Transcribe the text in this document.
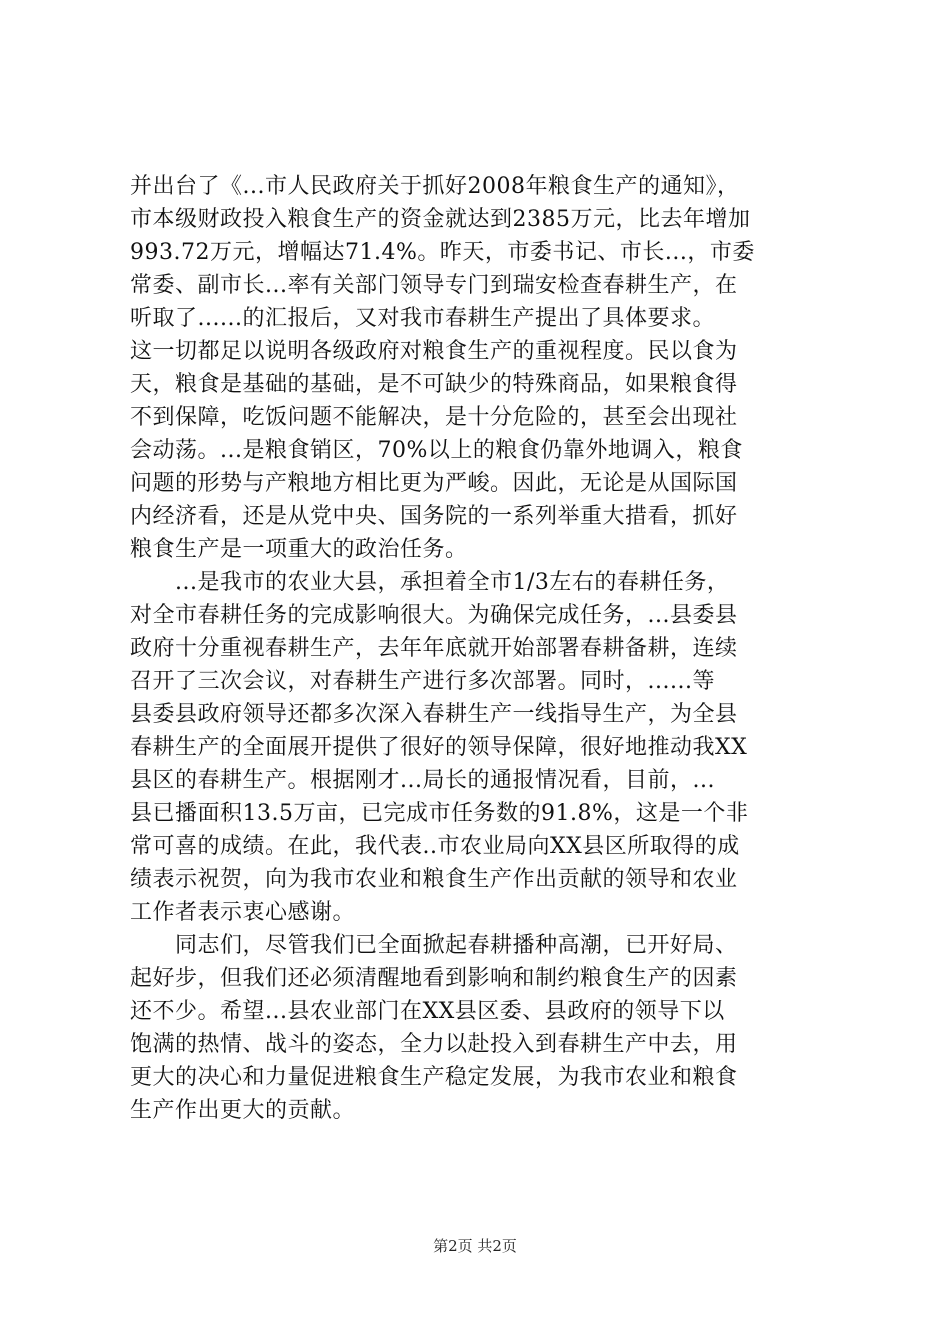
并出台了《...市人民政府关于抓好2008年粮食生产的通知》，
市本级财政投入粮食生产的资金就达到2385万元，比去年增加
993.72万元，增幅达71.4%。昨天，市委书记、市长...，市委
常委、副市长...率有关部门领导专门到瑞安检查春耕生产，在
听取了......的汇报后，又对我市春耕生产提出了具体要求。
这一切都足以说明各级政府对粮食生产的重视程度。民以食为
天，粮食是基础的基础，是不可缺少的特殊商品，如果粮食得
不到保障，吃饭问题不能解决，是十分危险的，甚至会出现社
会动荡。...是粮食销区，70%以上的粮食仍靠外地调入，粮食
问题的形势与产粮地方相比更为严峻。因此，无论是从国际国
内经济看，还是从党中央、国务院的一系列举重大措看，抓好
粮食生产是一项重大的政治任务。
　　...是我市的农业大县，承担着全市1/3左右的春耕任务，
对全市春耕任务的完成影响很大。为确保完成任务，...县委县
政府十分重视春耕生产，去年年底就开始部署春耕备耕，连续
召开了三次会议，对春耕生产进行多次部署。同时，......等
县委县政府领导还都多次深入春耕生产一线指导生产，为全县
春耕生产的全面展开提供了很好的领导保障，很好地推动我XX
县区的春耕生产。根据刚才...局长的通报情况看，目前，...
县已播面积13.5万亩，已完成市任务数的91.8%，这是一个非
常可喜的成绩。在此，我代表..市农业局向XX县区所取得的成
绩表示祝贺，向为我市农业和粮食生产作出贡献的领导和农业
工作者表示衷心感谢。
　　同志们，尽管我们已全面掀起春耕播种高潮，已开好局、
起好步，但我们还必须清醒地看到影响和制约粮食生产的因素
还不少。希望...县农业部门在XX县区委、县政府的领导下以
饱满的热情、战斗的姿态，全力以赴投入到春耕生产中去，用
更大的决心和力量促进粮食生产稳定发展，为我市农业和粮食
生产作出更大的贡献。
第2页 共2页
